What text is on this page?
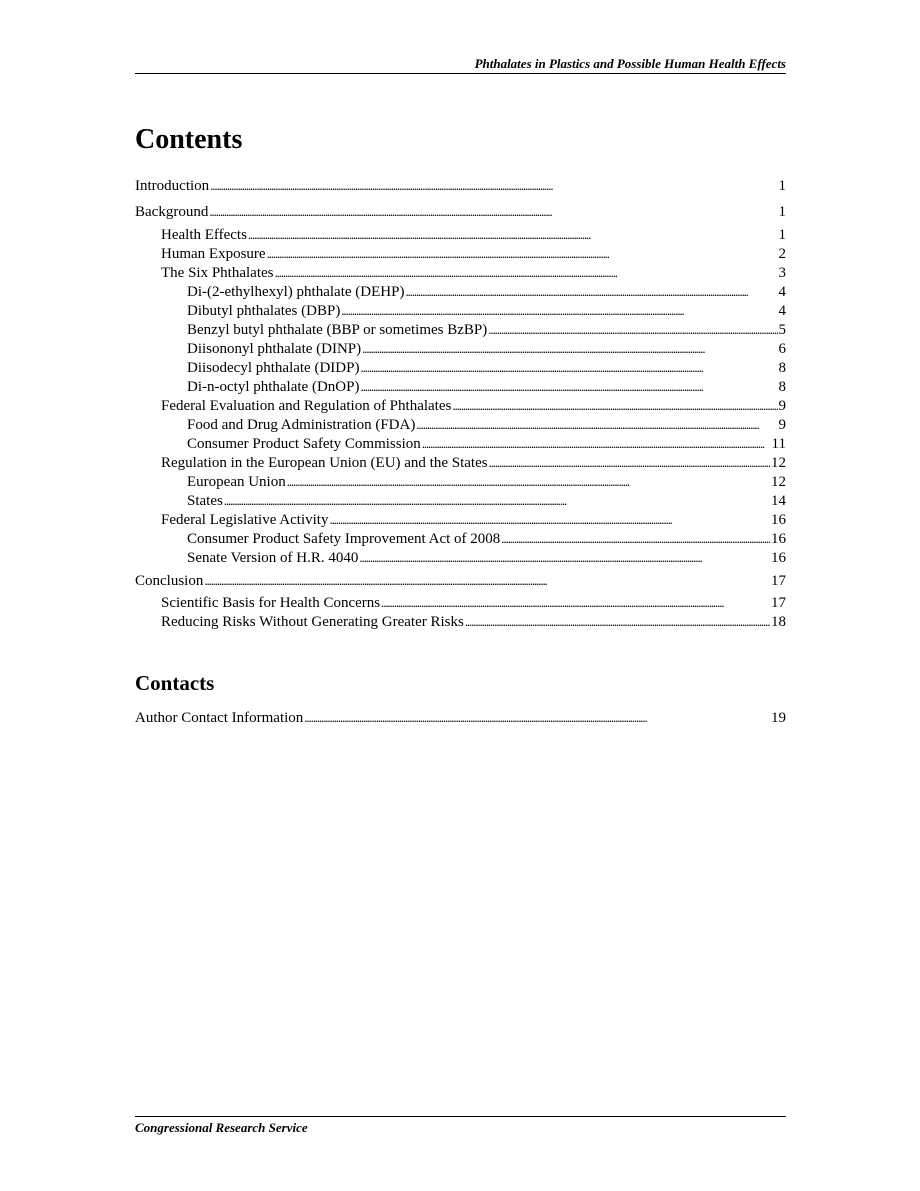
Phthalates in Plastics and Possible Human Health Effects
Contents
Introduction . . .	1
Background . . .	1
Health Effects . . .	1
Human Exposure . . .	2
The Six Phthalates . . .	3
Di-(2-ethylhexyl) phthalate (DEHP) . . .	4
Dibutyl phthalates (DBP) . . .	4
Benzyl butyl phthalate (BBP or sometimes BzBP) . . .	5
Diisononyl phthalate (DINP) . . .	6
Diisodecyl phthalate (DIDP) . . .	8
Di-n-octyl phthalate (DnOP) . . .	8
Federal Evaluation and Regulation of Phthalates . . .	9
Food and Drug Administration (FDA) . . .	9
Consumer Product Safety Commission . . .	11
Regulation in the European Union (EU) and the States . . .	12
European Union . . .	12
States . . .	14
Federal Legislative Activity . . .	16
Consumer Product Safety Improvement Act of 2008 . . .	16
Senate Version of H.R. 4040 . . .	16
Conclusion . . .	17
Scientific Basis for Health Concerns . . .	17
Reducing Risks Without Generating Greater Risks . . .	18
Contacts
Author Contact Information . . .	19
Congressional Research Service
